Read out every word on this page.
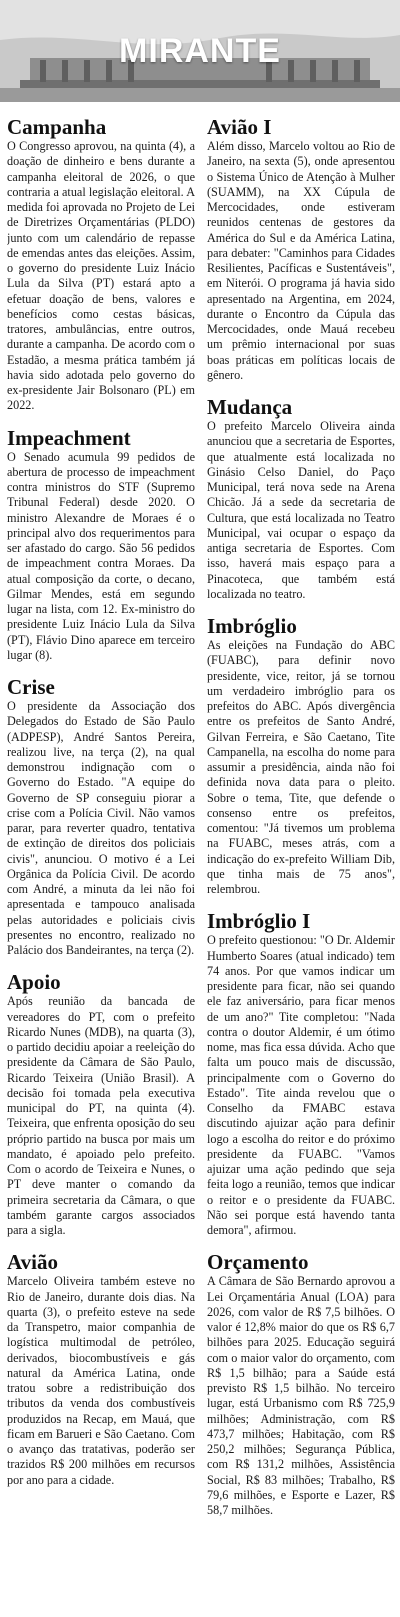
MIRANTE
Campanha

O Congresso aprovou, na quinta (4), a doação de dinheiro e bens durante a campanha eleitoral de 2026, o que contraria a atual legislação eleitoral. A medida foi aprovada no Projeto de Lei de Diretrizes Orçamentárias (PLDO) junto com um calendário de repasse de emendas antes das eleições. Assim, o governo do presidente Luiz Inácio Lula da Silva (PT) estará apto a efetuar doação de bens, valores e benefícios como cestas básicas, tratores, ambulâncias, entre outros, durante a campanha. De acordo com o Estadão, a mesma prática também já havia sido adotada pelo governo do ex-presidente Jair Bolsonaro (PL) em 2022.

Impeachment

O Senado acumula 99 pedidos de abertura de processo de impeachment contra ministros do STF (Supremo Tribunal Federal) desde 2020. O ministro Alexandre de Moraes é o principal alvo dos requerimentos para ser afastado do cargo. São 56 pedidos de impeachment contra Moraes. Da atual composição da corte, o decano, Gilmar Mendes, está em segundo lugar na lista, com 12. Ex-ministro do presidente Luiz Inácio Lula da Silva (PT), Flávio Dino aparece em terceiro lugar (8).

Crise

O presidente da Associação dos Delegados do Estado de São Paulo (ADPESP), André Santos Pereira, realizou live, na terça (2), na qual demonstrou indignação com o Governo do Estado. "A equipe do Governo de SP conseguiu piorar a crise com a Polícia Civil. Não vamos parar, para reverter quadro, tentativa de extinção de direitos dos policiais civis", anunciou. O motivo é a Lei Orgânica da Polícia Civil. De acordo com André, a minuta da lei não foi apresentada e tampouco analisada pelas autoridades e policiais civis presentes no encontro, realizado no Palácio dos Bandeirantes, na terça (2).

Apoio

Após reunião da bancada de vereadores do PT, com o prefeito Ricardo Nunes (MDB), na quarta (3), o partido decidiu apoiar a reeleição do presidente da Câmara de São Paulo, Ricardo Teixeira (União Brasil). A decisão foi tomada pela executiva municipal do PT, na quinta (4). Teixeira, que enfrenta oposição do seu próprio partido na busca por mais um mandato, é apoiado pelo prefeito. Com o acordo de Teixeira e Nunes, o PT deve manter o comando da primeira secretaria da Câmara, o que também garante cargos associados para a sigla.

Avião

Marcelo Oliveira também esteve no Rio de Janeiro, durante dois dias. Na quarta (3), o prefeito esteve na sede da Transpetro, maior companhia de logística multimodal de petróleo, derivados, biocombustíveis e gás natural da América Latina, onde tratou sobre a redistribuição dos tributos da venda dos combustíveis produzidos na Recap, em Mauá, que ficam em Barueri e São Caetano. Com o avanço das tratativas, poderão ser trazidos R$ 200 milhões em recursos por ano para a cidade.

Avião I

Além disso, Marcelo voltou ao Rio de Janeiro, na sexta (5), onde apresentou o Sistema Único de Atenção à Mulher (SUAMM), na XX Cúpula de Mercocidades, onde estiveram reunidos centenas de gestores da América do Sul e da América Latina, para debater: "Caminhos para Cidades Resilientes, Pacíficas e Sustentáveis", em Niterói. O programa já havia sido apresentado na Argentina, em 2024, durante o Encontro da Cúpula das Mercocidades, onde Mauá recebeu um prêmio internacional por suas boas práticas em políticas locais de gênero.

Mudança

O prefeito Marcelo Oliveira ainda anunciou que a secretaria de Esportes, que atualmente está localizada no Ginásio Celso Daniel, do Paço Municipal, terá nova sede na Arena Chicão. Já a sede da secretaria de Cultura, que está localizada no Teatro Municipal, vai ocupar o espaço da antiga secretaria de Esportes. Com isso, haverá mais espaço para a Pinacoteca, que também está localizada no teatro.

Imbróglio

As eleições na Fundação do ABC (FUABC), para definir novo presidente, vice, reitor, já se tornou um verdadeiro imbróglio para os prefeitos do ABC. Após divergência entre os prefeitos de Santo André, Gilvan Ferreira, e São Caetano, Tite Campanella, na escolha do nome para assumir a presidência, ainda não foi definida nova data para o pleito. Sobre o tema, Tite, que defende o consenso entre os prefeitos, comentou: "Já tivemos um problema na FUABC, meses atrás, com a indicação do ex-prefeito William Dib, que tinha mais de 75 anos", relembrou.

Imbróglio I

O prefeito questionou: "O Dr. Aldemir Humberto Soares (atual indicado) tem 74 anos. Por que vamos indicar um presidente para ficar, não sei quando ele faz aniversário, para ficar menos de um ano?" Tite completou: "Nada contra o doutor Aldemir, é um ótimo nome, mas fica essa dúvida. Acho que falta um pouco mais de discussão, principalmente com o Governo do Estado". Tite ainda revelou que o Conselho da FMABC estava discutindo ajuizar ação para definir logo a escolha do reitor e do próximo presidente da FUABC. "Vamos ajuizar uma ação pedindo que seja feita logo a reunião, temos que indicar o reitor e o presidente da FUABC. Não sei porque está havendo tanta demora", afirmou.

Orçamento

A Câmara de São Bernardo aprovou a Lei Orçamentária Anual (LOA) para 2026, com valor de R$ 7,5 bilhões. O valor é 12,8% maior do que os R$ 6,7 bilhões para 2025. Educação seguirá com o maior valor do orçamento, com R$ 1,5 bilhão; para a Saúde está previsto R$ 1,5 bilhão. No terceiro lugar, está Urbanismo com R$ 725,9 milhões; Administração, com R$ 473,7 milhões; Habitação, com R$ 250,2 milhões; Segurança Pública, com R$ 131,2 milhões, Assistência Social, R$ 83 milhões; Trabalho, R$ 79,6 milhões, e Esporte e Lazer, R$ 58,7 milhões.
